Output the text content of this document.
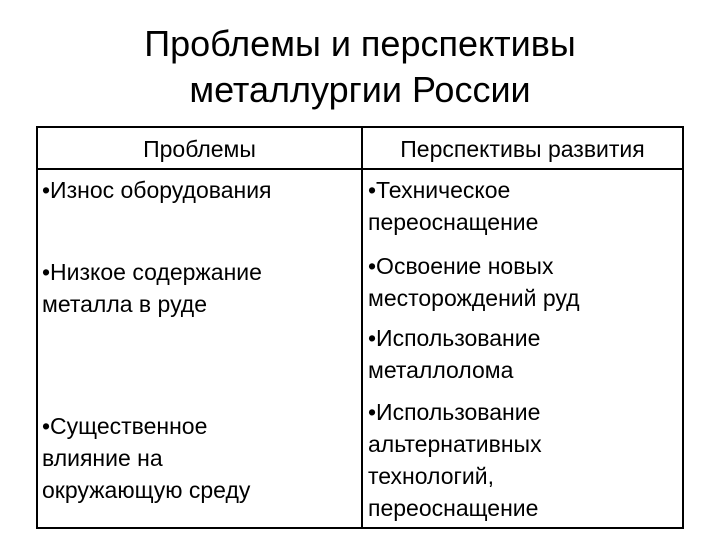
Проблемы и перспективы
металлургии России
Проблемы	Перспективы развития
•Износ оборудования
•Низкое содержание
металла в руде
•Существенное
влияние на
окружающую среду
•Техническое
переоснащение
•Освоение новых
месторождений руд
•Использование
металлолома
•Использование
альтернативных
технологий,
переоснащение
